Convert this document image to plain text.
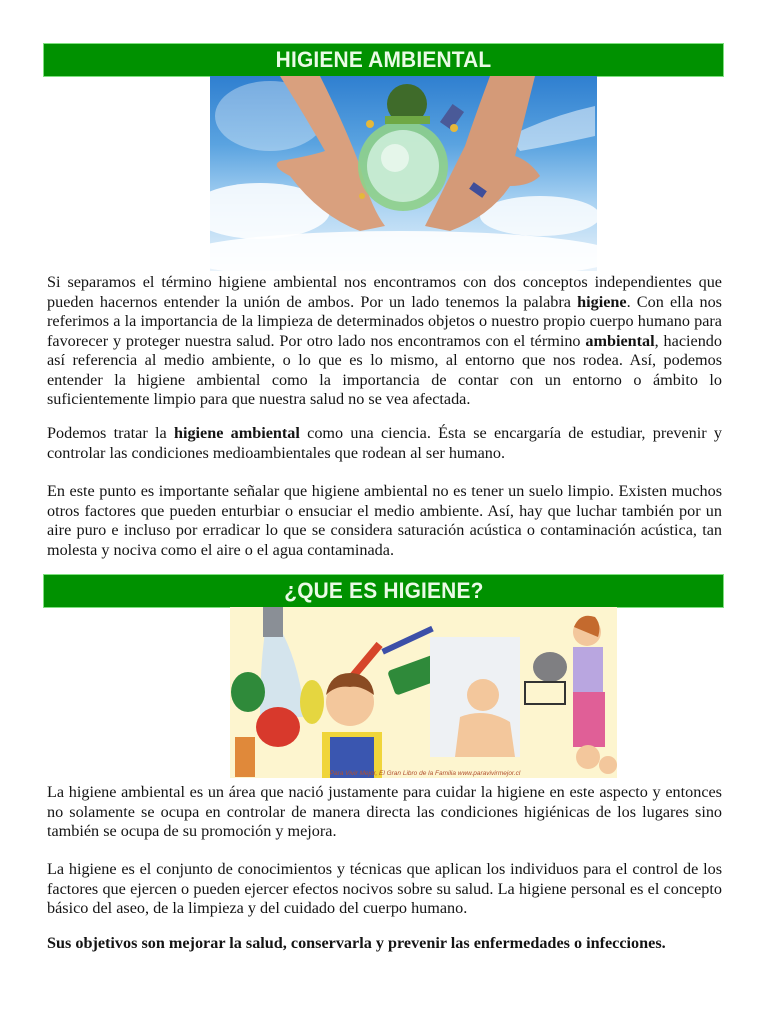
HIGIENE AMBIENTAL

Si separamos el término higiene ambiental nos encontramos con dos conceptos independientes que pueden hacernos entender la unión de ambos. Por un lado tenemos la palabra higiene. Con ella nos referimos a la importancia de la limpieza de determinados objetos o nuestro propio cuerpo humano para favorecer y proteger nuestra salud. Por otro lado nos encontramos con el término ambiental, haciendo así referencia al medio ambiente, o lo que es lo mismo, al entorno que nos rodea. Así, podemos entender la higiene ambiental como la importancia de contar con un entorno o ámbito lo suficientemente limpio para que nuestra salud no se vea afectada.

Podemos tratar la higiene ambiental como una ciencia. Ésta se encargaría de estudiar, prevenir y controlar las condiciones medioambientales que rodean al ser humano.

En este punto es importante señalar que higiene ambiental no es tener un suelo limpio. Existen muchos otros factores que pueden enturbiar o ensuciar el medio ambiente. Así, hay que luchar también por un aire puro e incluso por erradicar lo que se considera saturación acústica o contaminación acústica, tan molesta y nociva como el aire o el agua contaminada.

¿QUE ES HIGIENE?
Para Vivir Mejor, El Gran Libro de la Familia www.paravivirmejor.cl

La higiene ambiental es un área que nació justamente para cuidar la higiene en este aspecto y entonces no solamente se ocupa en controlar de manera directa las condiciones higiénicas de los lugares sino también se ocupa de su promoción y mejora.

La higiene es el conjunto de conocimientos y técnicas que aplican los individuos para el control de los factores que ejercen o pueden ejercer efectos nocivos sobre su salud. La higiene personal es el concepto básico del aseo, de la limpieza y del cuidado del cuerpo humano.

Sus objetivos son mejorar la salud, conservarla y prevenir las enfermedades o infecciones.
